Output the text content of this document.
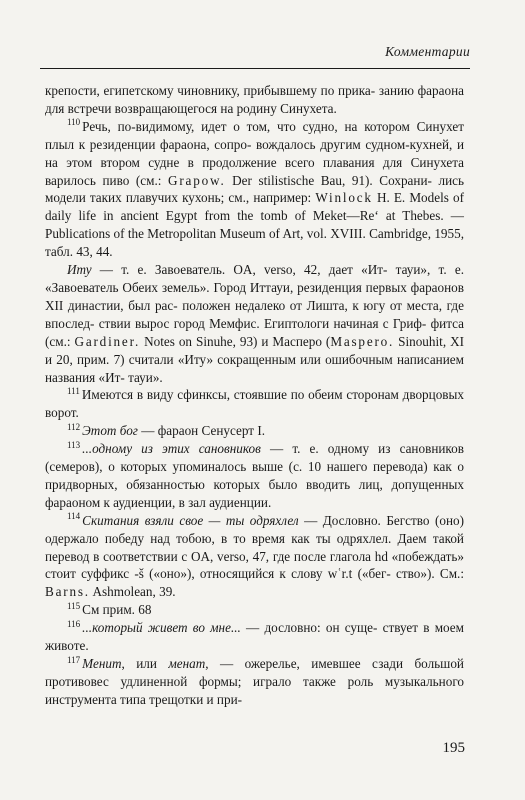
Комментарии

крепости, египетскому чиновнику, прибывшему по прика- занию фараона для встречи возвращающегося на родину Синухета.

$^{110}$ Речь, по-видимому, идет о том, что судно, на котором Синухет плыл к резиденции фараона, сопро- вождалось другим судном-кухней, и на этом втором судне в продолжение всего плавания для Синухета варилось пиво (см.: Grapow. Der stilistische Bau, 91). Сохрани- лись модели таких плавучих кухонь; см., например: Winlock H. E. Models of daily life in ancient Egypt from the tomb of Meket—Re‘ at Thebes. — Publications of the Metropolitan Museum of Art, vol. XVIII. Cambridge, 1955, табл. 43, 44.

Иту — т. е. Завоеватель. OA, verso, 42, дает «Ит- тауи», т. е. «Завоеватель Обеих земель». Город Иттауи, резиденция первых фараонов XII династии, был рас- положен недалеко от Лишта, к югу от места, где впослед- ствии вырос город Мемфис. Египтологи начиная с Гриф- фитса (см.: Gardiner. Notes on Sinuhe, 93) и Масперо (Maspero. Sinouhit, XI и 20, прим. 7) считали «Иту» сокращенным или ошибочным написанием названия «Ит- тауи».

$^{111}$ Имеются в виду сфинксы, стоявшие по обеим сторонам дворцовых ворот.

$^{112}$ Этот бог — фараон Сенусерт I.

$^{113}$ ...одному из этих сановников — т. е. одному из сановников (семеров), о которых упоминалось выше (с. 10 нашего перевода) как о придворных, обязанностью которых было вводить лиц, допущенных фараоном к аудиенции, в зал аудиенции.

$^{114}$ Скитания взяли свое — ты одряхлел — Дословно. Бегство (оно) одержало победу над тобою, в то время как ты одряхлел. Даем такой перевод в соответствии с OA, verso, 47, где после глагола hd «побеждать» стоит суффикс -š («оно»), относящийся к слову wʿr.t («бег- ство»). См.: Barns. Ashmolean, 39.

$^{115}$ См прим. 68

$^{116}$ ...который живет во мне... — дословно: он суще- ствует в моем животе.

$^{117}$ Менит, или менат, — ожерелье, имевшее сзади большой противовес удлиненной формы; играло также роль музыкального инструмента типа трещотки и при-

195
